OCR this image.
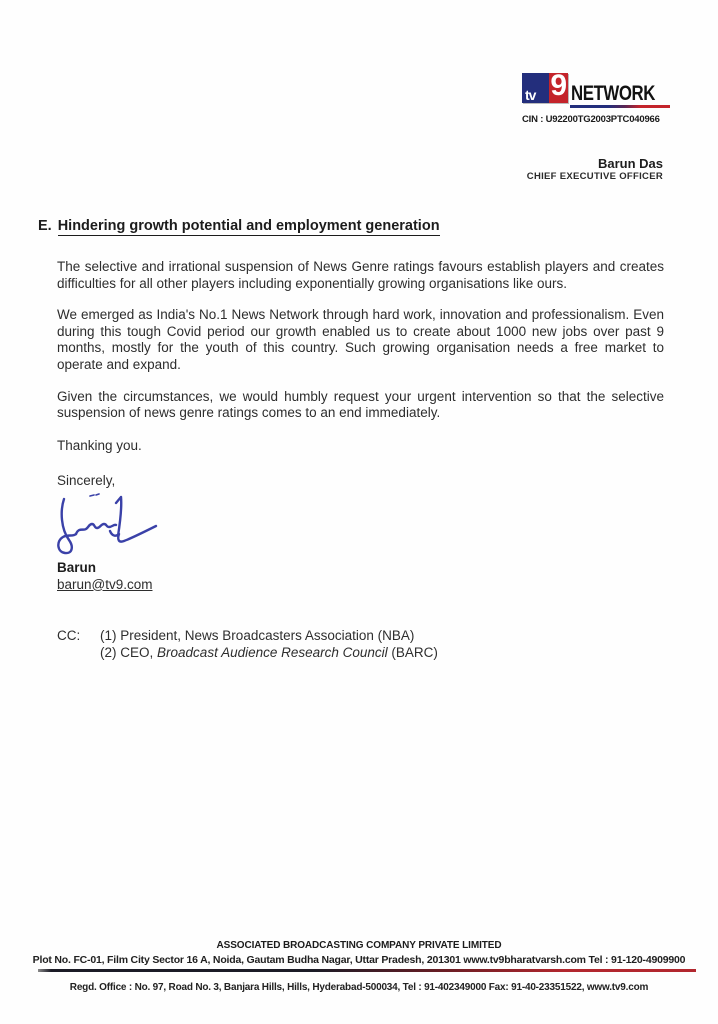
tv 9 NETWORK
CIN : U92200TG2003PTC040966
Barun Das
CHIEF EXECUTIVE OFFICER
E. Hindering growth potential and employment generation

The selective and irrational suspension of News Genre ratings favours establish players and creates difficulties for all other players including exponentially growing organisations like ours.

We emerged as India's No.1 News Network through hard work, innovation and professionalism. Even during this tough Covid period our growth enabled us to create about 1000 new jobs over past 9 months, mostly for the youth of this country. Such growing organisation needs a free market to operate and expand.

Given the circumstances, we would humbly request your urgent intervention so that the selective suspension of news genre ratings comes to an end immediately.

Thanking you.

Sincerely,

Barun
barun@tv9.com
CC:	(1) President, News Broadcasters Association (NBA)
(2) CEO, Broadcast Audience Research Council (BARC)
ASSOCIATED BROADCASTING COMPANY PRIVATE LIMITED
Plot No. FC-01, Film City Sector 16 A, Noida, Gautam Budha Nagar, Uttar Pradesh, 201301 www.tv9bharatvarsh.com Tel : 91-120-4909900
Regd. Office : No. 97, Road No. 3, Banjara Hills, Hills, Hyderabad-500034, Tel : 91-402349000 Fax: 91-40-23351522, www.tv9.com
